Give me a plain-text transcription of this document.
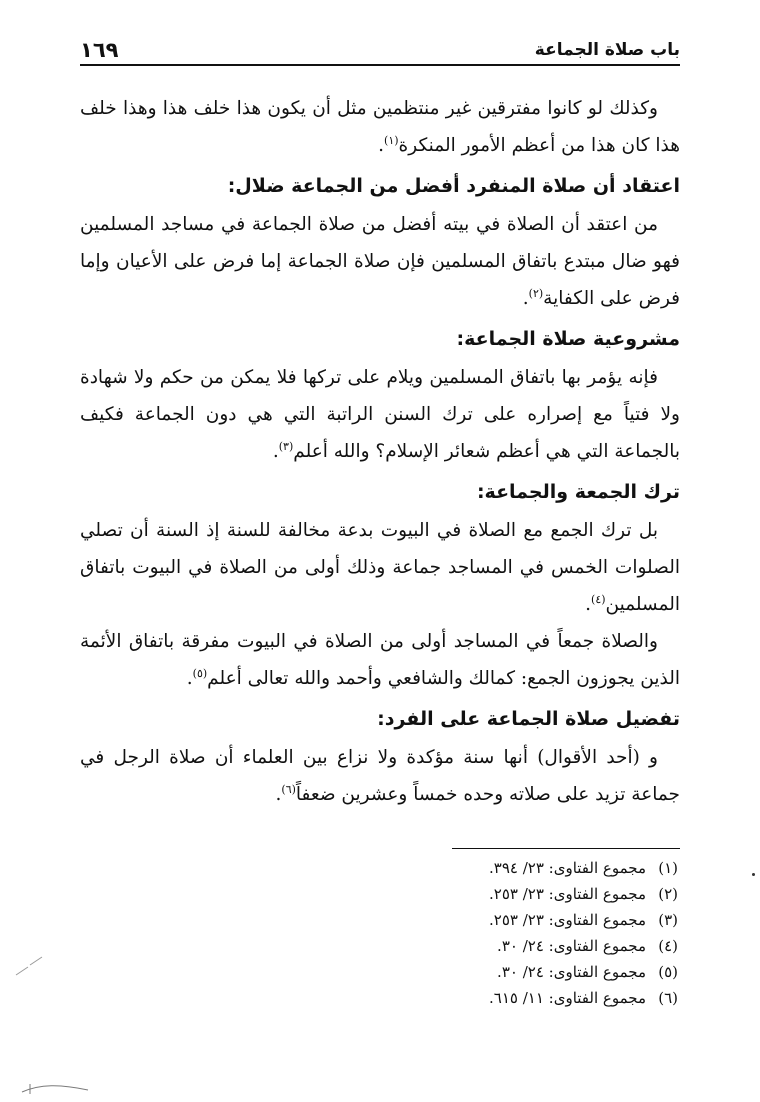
باب صلاة الجماعة
١٦٩

وكذلك لو كانوا مفترقين غير منتظمين مثل أن يكون هذا خلف هذا وهذا خلف هذا كان هذا من أعظم الأمور المنكرة$^{(١)}$.

اعتقاد أن صلاة المنفرد أفضل من الجماعة ضلال:

من اعتقد أن الصلاة في بيته أفضل من صلاة الجماعة في مساجد المسلمين فهو ضال مبتدع باتفاق المسلمين فإن صلاة الجماعة إما فرض على الأعيان وإما فرض على الكفاية$^{(٢)}$.

مشروعية صلاة الجماعة:

فإنه يؤمر بها باتفاق المسلمين ويلام على تركها فلا يمكن من حكم ولا شهادة ولا فتياً مع إصراره على ترك السنن الراتبة التي هي دون الجماعة فكيف بالجماعة التي هي أعظم شعائر الإسلام؟ والله أعلم$^{(٣)}$.

ترك الجمعة والجماعة:

بل ترك الجمع مع الصلاة في البيوت بدعة مخالفة للسنة إذ السنة أن تصلي الصلوات الخمس في المساجد جماعة وذلك أولى من الصلاة في البيوت باتفاق المسلمين$^{(٤)}$.

والصلاة جمعاً في المساجد أولى من الصلاة في البيوت مفرقة باتفاق الأئمة الذين يجوزون الجمع: كمالك والشافعي وأحمد والله تعالى أعلم$^{(٥)}$.

تفضيل صلاة الجماعة على الفرد:

و (أحد الأقوال) أنها سنة مؤكدة ولا نزاع بين العلماء أن صلاة الرجل في جماعة تزيد على صلاته وحده خمساً وعشرين ضعفاً$^{(٦)}$.

(١)مجموع الفتاوى: ٢٣/ ٣٩٤.
(٢)مجموع الفتاوى: ٢٣/ ٢٥٣.
(٣)مجموع الفتاوى: ٢٣/ ٢٥٣.
(٤)مجموع الفتاوى: ٢٤/ ٣٠.
(٥)مجموع الفتاوى: ٢٤/ ٣٠.
(٦)مجموع الفتاوى: ١١/ ٦١٥.
